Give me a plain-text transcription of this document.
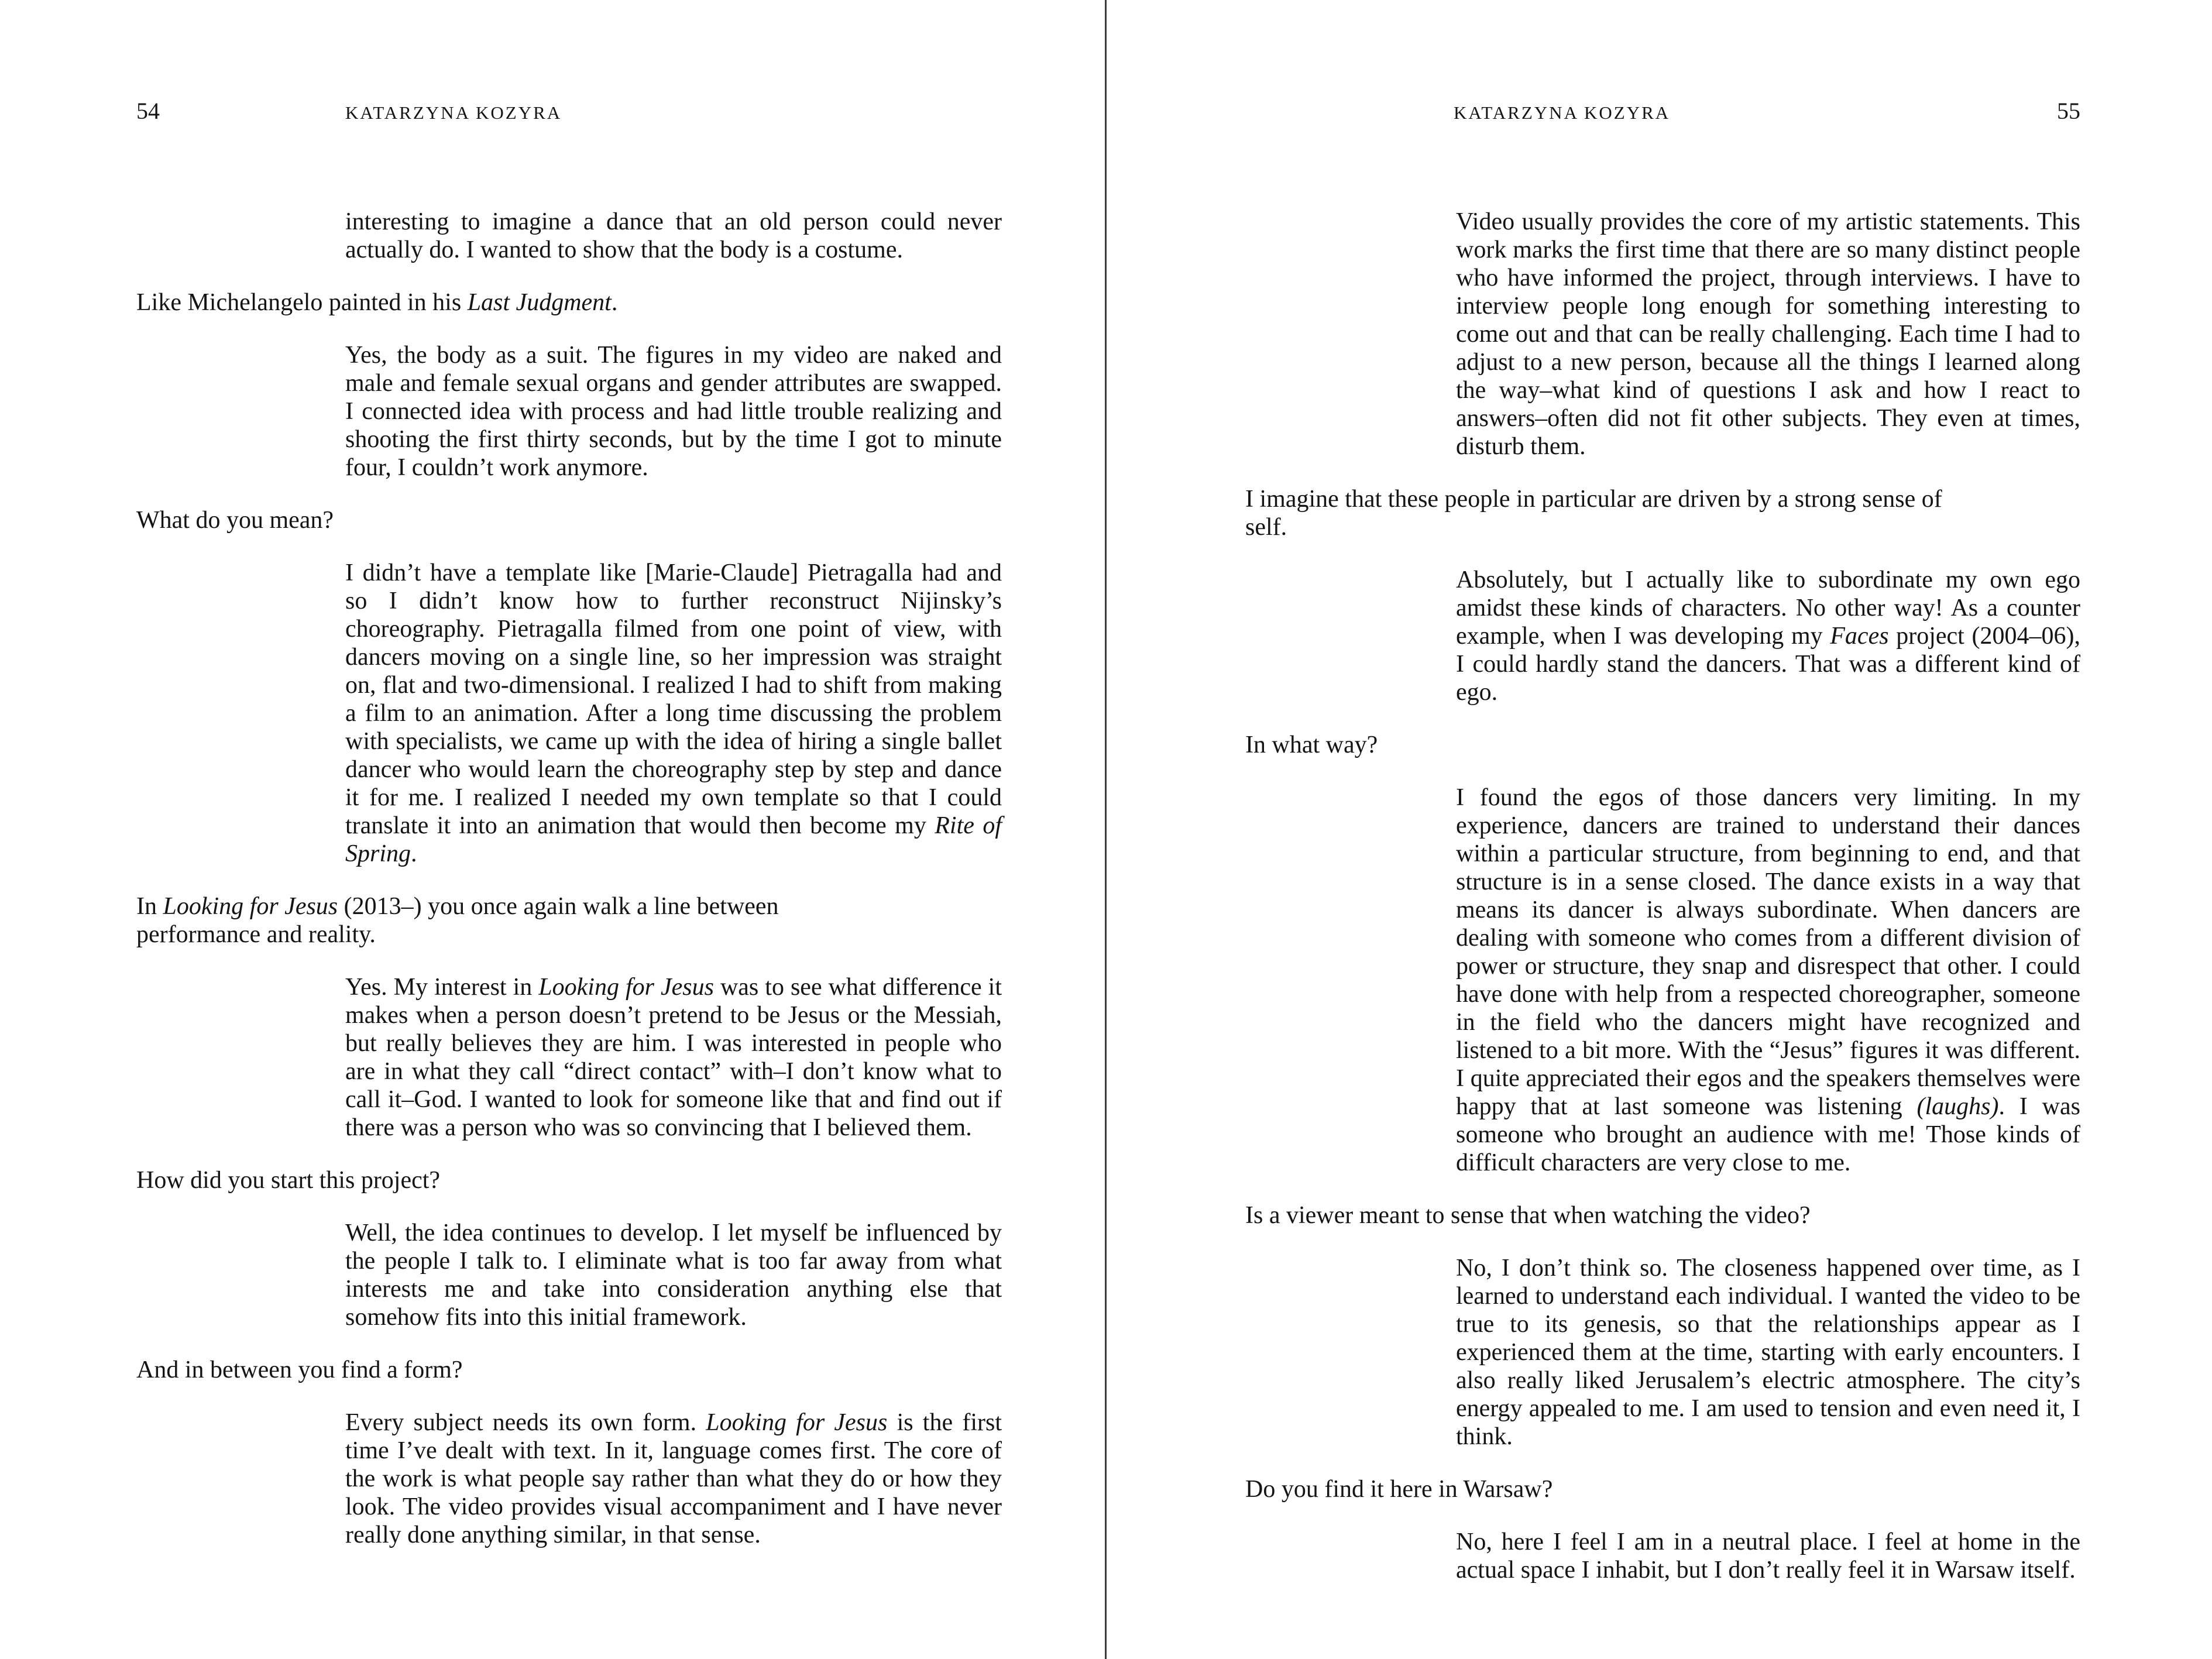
54	KATARZYNA KOZYRA
interesting to imagine a dance that an old person could never actually do. I wanted to show that the body is a costume.
Like Michelangelo painted in his Last Judgment.
Yes, the body as a suit. The figures in my video are naked and male and female sexual organs and gender attributes are swapped. I connected idea with process and had little trouble realizing and shooting the first thirty seconds, but by the time I got to minute four, I couldn’t work anymore.
What do you mean?
I didn’t have a template like [Marie-Claude] Pietragalla had and so I didn’t know how to further reconstruct Nijinsky’s choreography. Pietragalla filmed from one point of view, with dancers moving on a single line, so her impression was straight on, flat and two-dimensional. I realized I had to shift from making a film to an animation. After a long time discussing the problem with specialists, we came up with the idea of hiring a single ballet dancer who would learn the choreography step by step and dance it for me. I realized I needed my own template so that I could translate it into an animation that would then become my Rite of Spring.
In Looking for Jesus (2013–) you once again walk a line between performance and reality.
Yes. My interest in Looking for Jesus was to see what difference it makes when a person doesn’t pretend to be Jesus or the Messiah, but really believes they are him. I was interested in people who are in what they call “direct contact” with–I don’t know what to call it–God. I wanted to look for someone like that and find out if there was a person who was so convincing that I believed them.
How did you start this project?
Well, the idea continues to develop. I let myself be influenced by the people I talk to. I eliminate what is too far away from what interests me and take into consideration anything else that somehow fits into this initial framework.
And in between you find a form?
Every subject needs its own form. Looking for Jesus is the first time I’ve dealt with text. In it, language comes first. The core of the work is what people say rather than what they do or how they look. The video provides visual accompaniment and I have never really done anything similar, in that sense.
KATARZYNA KOZYRA	55
Video usually provides the core of my artistic statements. This work marks the first time that there are so many distinct people who have informed the project, through interviews. I have to interview people long enough for something interesting to come out and that can be really challenging. Each time I had to adjust to a new person, because all the things I learned along the way–what kind of questions I ask and how I react to answers–often did not fit other subjects. They even at times, disturb them.
I imagine that these people in particular are driven by a strong sense of self.
Absolutely, but I actually like to subordinate my own ego amidst these kinds of characters. No other way! As a counter example, when I was developing my Faces project (2004–06), I could hardly stand the dancers. That was a different kind of ego.
In what way?
I found the egos of those dancers very limiting. In my experience, dancers are trained to understand their dances within a particular structure, from beginning to end, and that structure is in a sense closed. The dance exists in a way that means its dancer is always subordinate. When dancers are dealing with someone who comes from a different division of power or structure, they snap and disrespect that other. I could have done with help from a respected choreographer, someone in the field who the dancers might have recognized and listened to a bit more. With the “Jesus” figures it was different. I quite appreciated their egos and the speakers themselves were happy that at last someone was listening (laughs). I was someone who brought an audience with me! Those kinds of difficult characters are very close to me.
Is a viewer meant to sense that when watching the video?
No, I don’t think so. The closeness happened over time, as I learned to understand each individual. I wanted the video to be true to its genesis, so that the relationships appear as I experienced them at the time, starting with early encounters. I also really liked Jerusalem’s electric atmosphere. The city’s energy appealed to me. I am used to tension and even need it, I think.
Do you find it here in Warsaw?
No, here I feel I am in a neutral place. I feel at home in the actual space I inhabit, but I don’t really feel it in Warsaw itself.
